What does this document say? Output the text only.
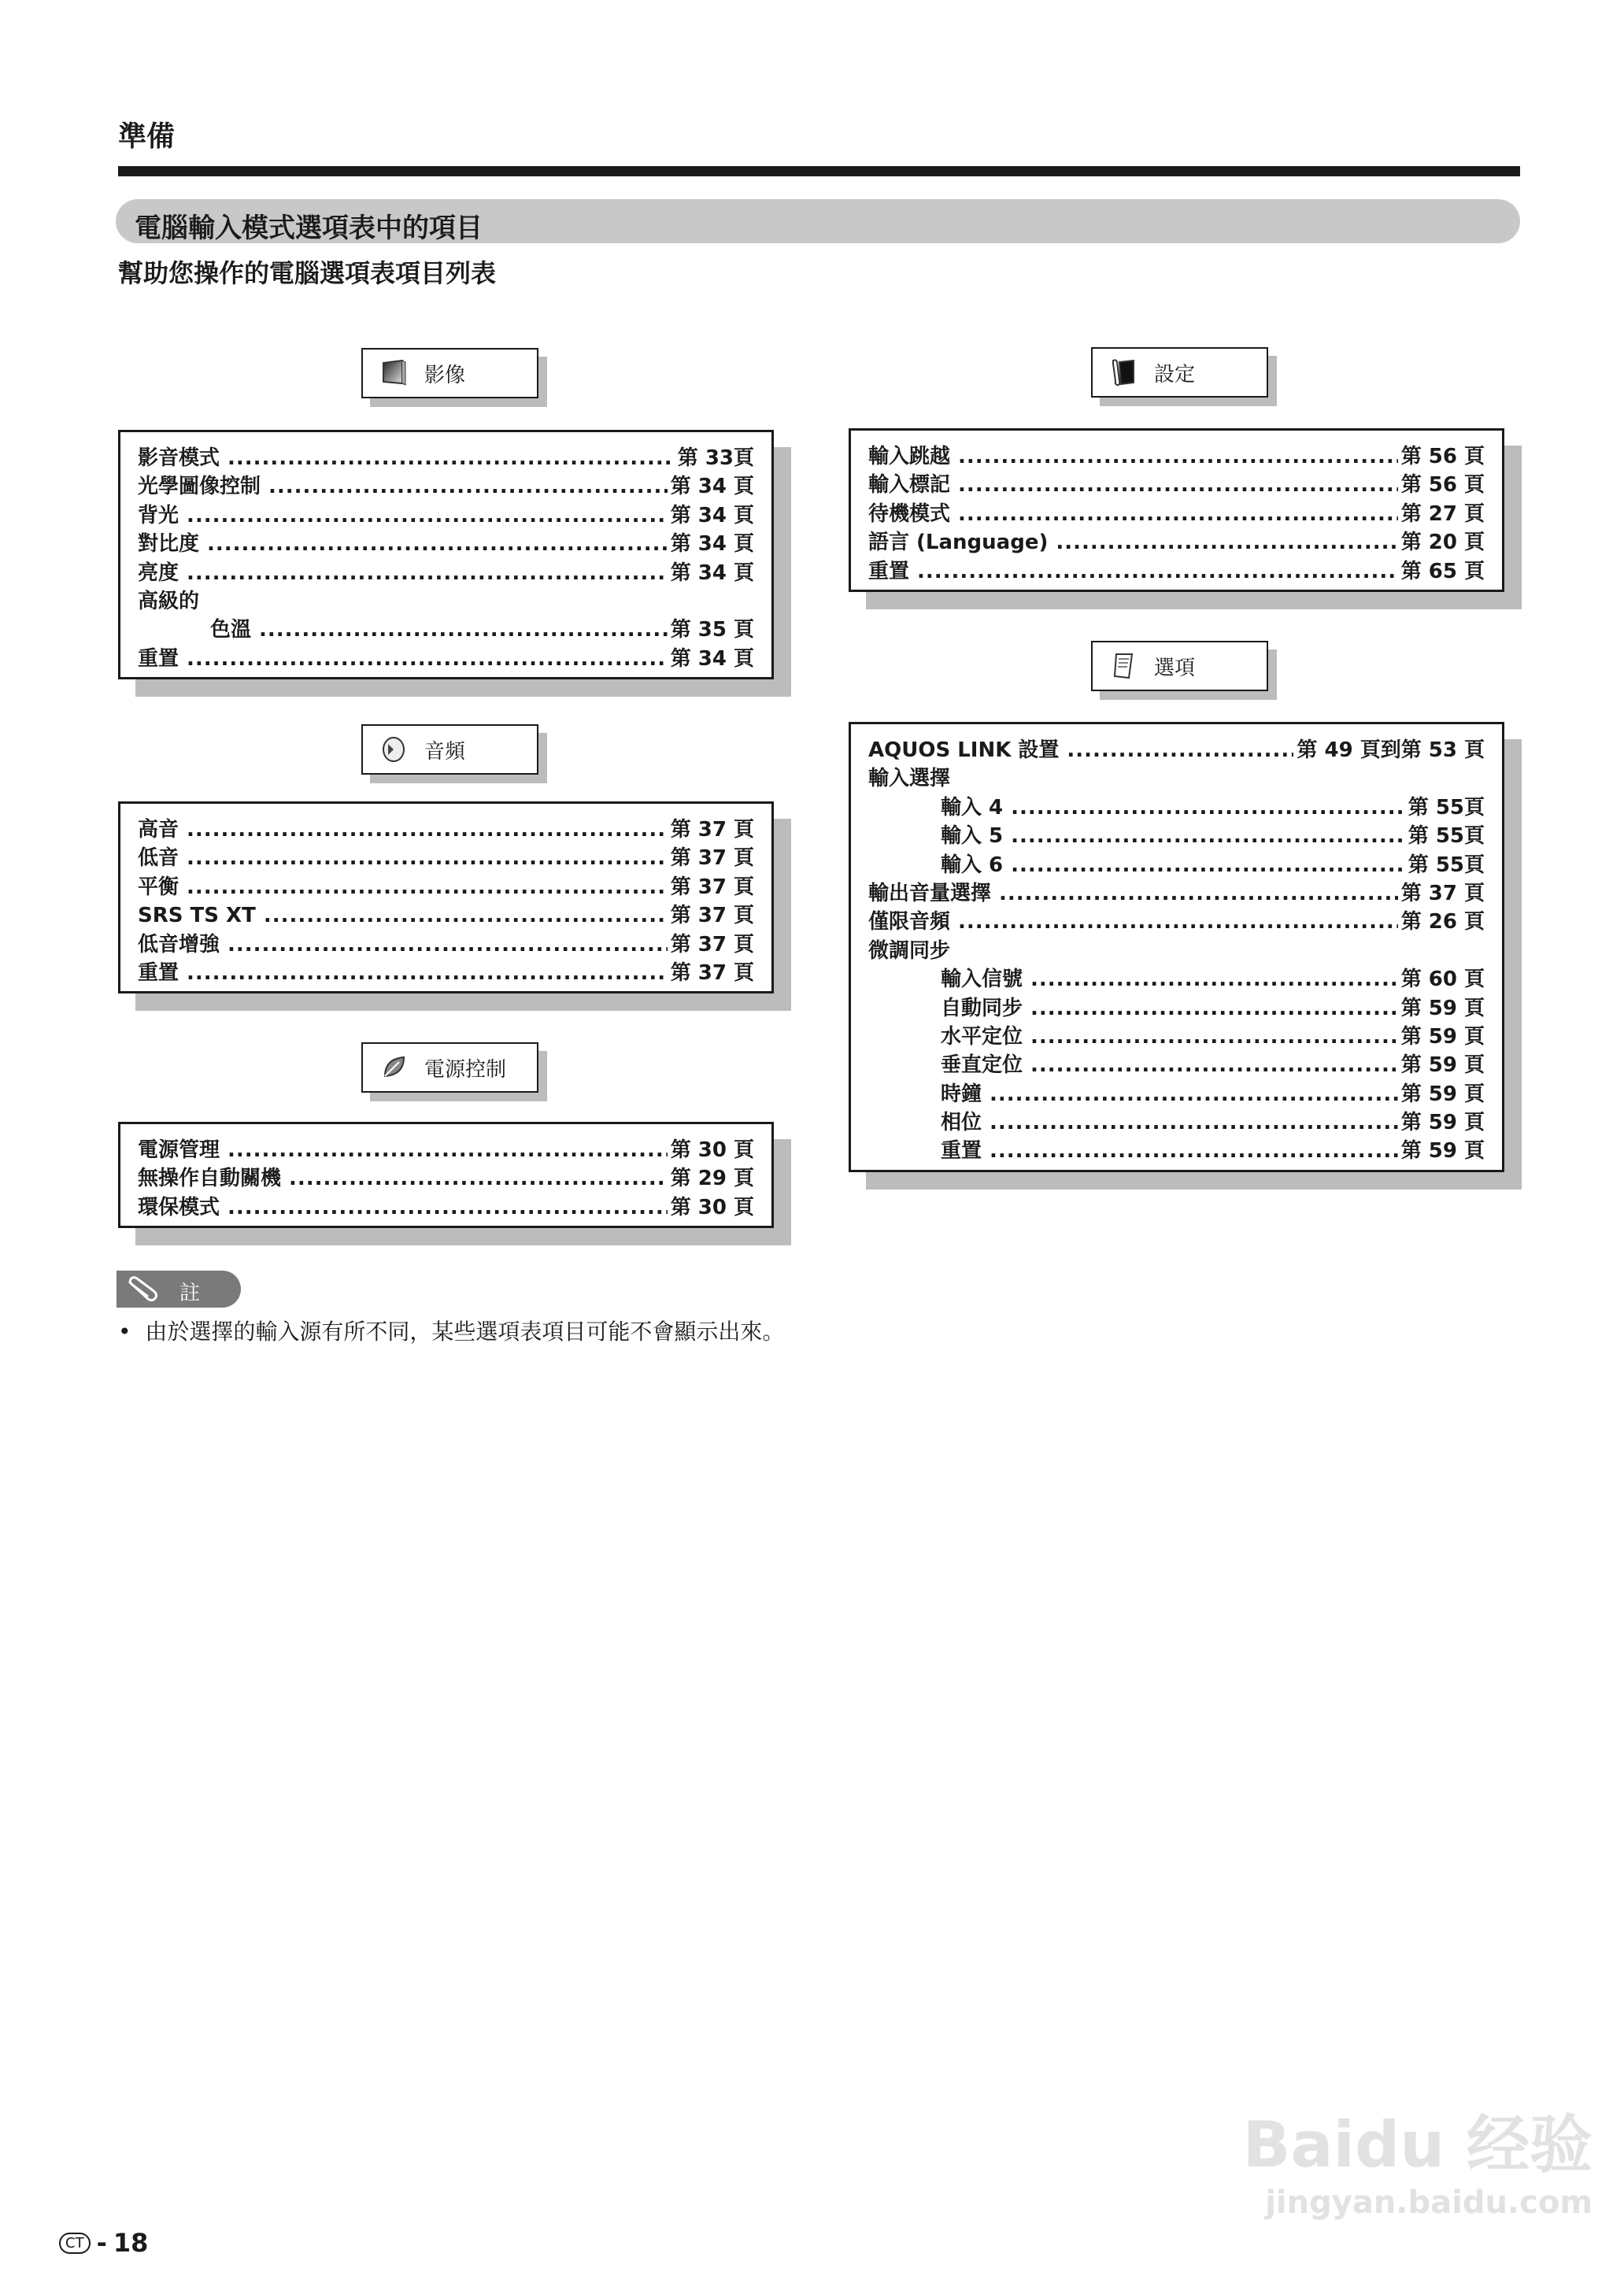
準備
電腦輸入模式選項表中的項目
幫助您操作的電腦選項表項目列表
影像
影音模式 .....	第 33頁
光學圖像控制 .....	第 34 頁
背光 .....	第 34 頁
對比度 .....	第 34 頁
亮度 .....	第 34 頁
高級的
色溫 .....	第 35 頁
重置 .....	第 34 頁
音頻
高音 .....	第 37 頁
低音 .....	第 37 頁
平衡 .....	第 37 頁
SRS TS XT .....	第 37 頁
低音增強 .....	第 37 頁
重置 .....	第 37 頁
電源控制
電源管理 .....	第 30 頁
無操作自動關機 .....	第 29 頁
環保模式 .....	第 30 頁
設定
輸入跳越 .....	第 56 頁
輸入標記 .....	第 56 頁
待機模式 .....	第 27 頁
語言 (Language) .....	第 20 頁
重置 .....	第 65 頁
選項
AQUOS LINK 設置 .....	第 49 頁到第 53 頁
輸入選擇
輸入 4 .....	第 55頁
輸入 5 .....	第 55頁
輸入 6 .....	第 55頁
輸出音量選擇 .....	第 37 頁
僅限音頻 .....	第 26 頁
微調同步
輸入信號 .....	第 60 頁
自動同步 .....	第 59 頁
水平定位 .....	第 59 頁
垂直定位 .....	第 59 頁
時鐘 .....	第 59 頁
相位 .....	第 59 頁
重置 .....	第 59 頁
註
• 由於選擇的輸入源有所不同，某些選項表項目可能不會顯示出來。
CT - 18
Baidu 经验
jingyan.baidu.com
